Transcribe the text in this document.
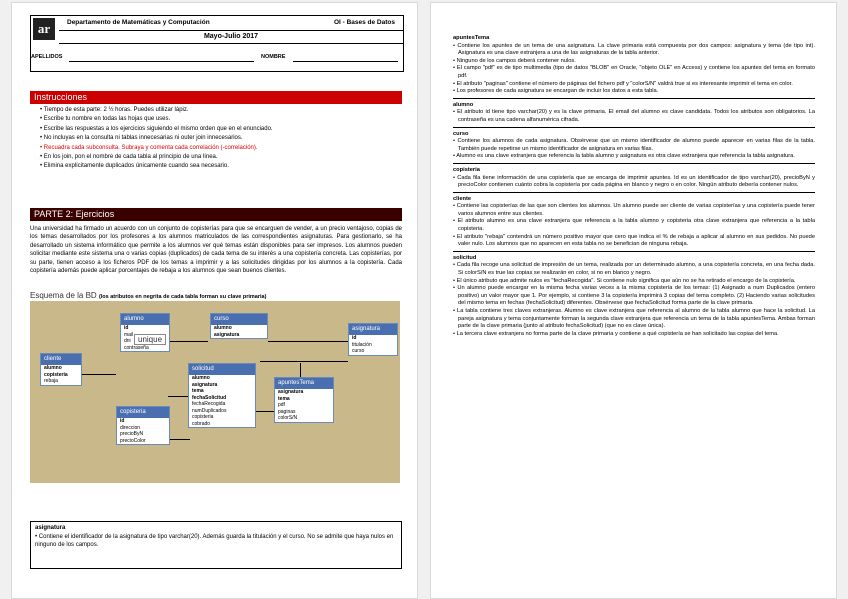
ar	Departamento de Matemáticas y Computación	OI - Bases de Datos
Mayo-Julio 2017
APELLIDOS	NOMBRE
Instrucciones
• Tiempo de esta parte: 2 ½ horas. Puedes utilizar lápiz.
• Escribe tu nombre en todas las hojas que uses.
• Escribe las respuestas a los ejercicios siguiendo el mismo orden que en el enunciado.
• No incluyas en la consulta ni tablas innecesarias ni outer join innecesarios.
• Recuadra cada subconsulta. Subraya y comenta cada correlación (-correlación).
• En los join, pon el nombre de cada tabla al principio de una línea.
• Elimina explícitamente duplicados únicamente cuando sea necesario.
PARTE 2: Ejercicios

Una universidad ha firmado un acuerdo con un conjunto de copisterías para que se encarguen de vender, a un precio ventajoso, copias de los temas desarrollados por los profesores a los alumnos matriculados de las correspondientes asignaturas. Para gestionarlo, se ha desarrollado un sistema informático que permite a los alumnos ver qué temas están disponibles para ser impresos. Los alumnos pueden solicitar mediante este sistema una o varias copias (duplicados) de cada tema de su interés a una copistería concreta. Las copisterías, por su parte, tienen acceso a los ficheros PDF de los temas a imprimir y a las solicitudes dirigidas por los alumnos a la copistería. Cada copistería además puede aplicar porcentajes de rebaja a los alumnos que sean buenos clientes.

Esquema de la BD (los atributos en negrita de cada tabla forman su clave primaria)
alumno
id
mail
dni
contraseña
curso
alumno
asignatura
asignatura
id
titulación
curso
cliente
alumno
copisteria
rebaja
solicitud
alumno
asignatura
tema
fechaSolicitud
fechaRecogida
numDuplicados
copisteria
cobrado
apuntesTema
asignatura
tema
pdf
paginas
colorS/N
copisteria
id
direccion
precioByN
precioColor
unique
asignatura
• Contiene el identificador de la asignatura de tipo varchar(20). Además guarda la titulación y el curso. No se admite que haya nulos en ninguno de los campos.
apuntesTema
• Contiene los apuntes de un tema de una asignatura. La clave primaria está compuesta por dos campos: asignatura y tema (de tipo int). Asignatura es una clave extranjera a una de las asignaturas de la tabla anterior.
• Ninguno de los campos deberá contener nulos.
• El campo "pdf" es de tipo multimedia (tipo de datos "BLOB" en Oracle, "objeto OLE" en Access) y contiene los apuntes del tema en formato pdf.
• El atributo "paginas" contiene el número de páginas del fichero pdf y "colorS/N" valdrá true si es interesante imprimir el tema en color.
• Los profesores de cada asignatura se encargan de incluir los datos a esta tabla.
alumno
• El atributo id tiene tipo varchar(20) y es la clave primaria. El email del alumno es clave candidata. Todos los atributos son obligatorios. La contraseña es una cadena alfanumérica cifrada.
curso
• Contiene los alumnos de cada asignatura. Obsérvese que un mismo identificador de alumno puede aparecer en varias filas de la tabla. También puede repetirse un mismo identificador de asignatura en varias filas.
• Alumno es una clave extranjera que referencia la tabla alumno y asignatura es otra clave extranjera que referencia la tabla asignatura.
copisteria
• Cada fila tiene información de una copistería que se encarga de imprimir apuntes. Id es un identificador de tipo varchar(20), precioByN y precioColor contienen cuánto cobra la copistería por cada página en blanco y negro o en color. Ningún atributo debería contener nulos.
cliente
• Contiene las copisterías de las que son clientes los alumnos. Un alumno puede ser cliente de varias copisterías y una copistería puede tener varios alumnos entre sus clientes.
• El atributo alumno es una clave extranjera que referencia a la tabla alumno y copisteria otra clave extranjera que referencia a la tabla copisteria.
• El atributo "rebaja" contendrá un número positivo mayor que cero que indica el % de rebaja a aplicar al alumno en sus pedidos. No puede valer nulo. Los alumnos que no aparecen en esta tabla no se benefician de ninguna rebaja.
solicitud
• Cada fila recoge una solicitud de impresión de un tema, realizada por un determinado alumno, a una copistería concreta, en una fecha dada. Si colorS/N es true las copias se realizarán en color, si no en blanco y negro.
• El único atributo que admite nulos es "fechaRecogida". Si contiene nulo significa que aún no se ha retirado el encargo de la copistería.
• Un alumno puede encargar en la misma fecha varias veces a la misma copistería de los temas: (1) Asignado a num Duplicados (entero positivo) un valor mayor que 1. Por ejemplo, si contiene 3 la copistería imprimirá 3 copias del tema completo. (2) Haciendo varias solicitudes del mismo tema en fechas (fechaSolicitud) diferentes. Obsérvese que fechaSolicitud forma parte de la clave primaria.
• La tabla contiene tres claves extranjeras. Alumno es clave extranjera que referencia al alumno de la tabla alumno que hace la solicitud. La pareja asignatura y tema conjuntamente forman la segunda clave extranjera que referencia un tema de la tabla apuntesTema. Ambas forman parte de la clave primaria (junto al atributo fechaSolicitud) (que no es clave única).
• La tercera clave extranjera no forma parte de la clave primaria y contiene a qué copistería se han solicitado las copias del tema.
